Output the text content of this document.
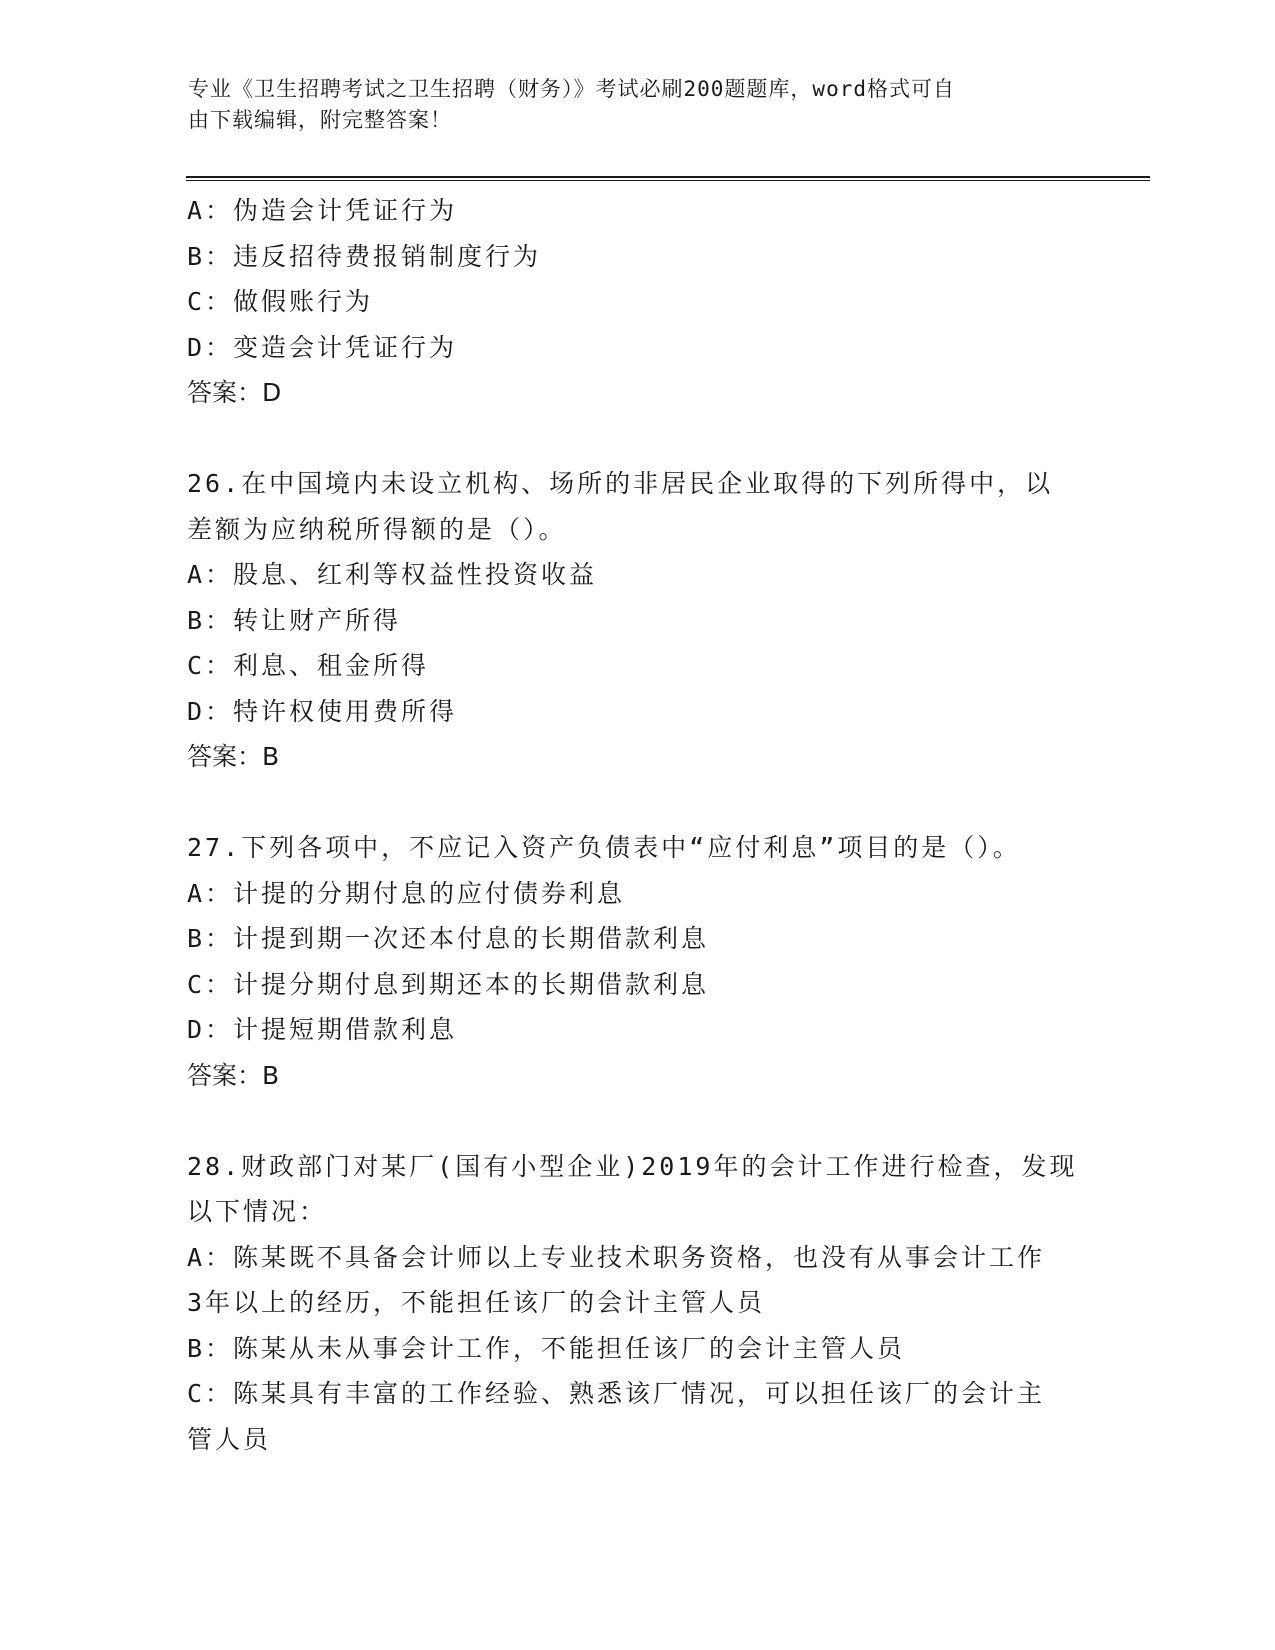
专业《卫生招聘考试之卫生招聘（财务）》考试必刷200题题库，word格式可自
由下载编辑，附完整答案！
A：伪造会计凭证行为
B：违反招待费报销制度行为
C：做假账行为
D：变造会计凭证行为
答案：D
26.在中国境内未设立机构、场所的非居民企业取得的下列所得中，以
差额为应纳税所得额的是（）。
A：股息、红利等权益性投资收益
B：转让财产所得
C：利息、租金所得
D：特许权使用费所得
答案：B
27.下列各项中，不应记入资产负债表中“应付利息”项目的是（）。
A：计提的分期付息的应付债券利息
B：计提到期一次还本付息的长期借款利息
C：计提分期付息到期还本的长期借款利息
D：计提短期借款利息
答案：B
28.财政部门对某厂(国有小型企业)2019年的会计工作进行检查，发现
以下情况：
A：陈某既不具备会计师以上专业技术职务资格，也没有从事会计工作
3年以上的经历，不能担任该厂的会计主管人员
B：陈某从未从事会计工作，不能担任该厂的会计主管人员
C：陈某具有丰富的工作经验、熟悉该厂情况，可以担任该厂的会计主
管人员
